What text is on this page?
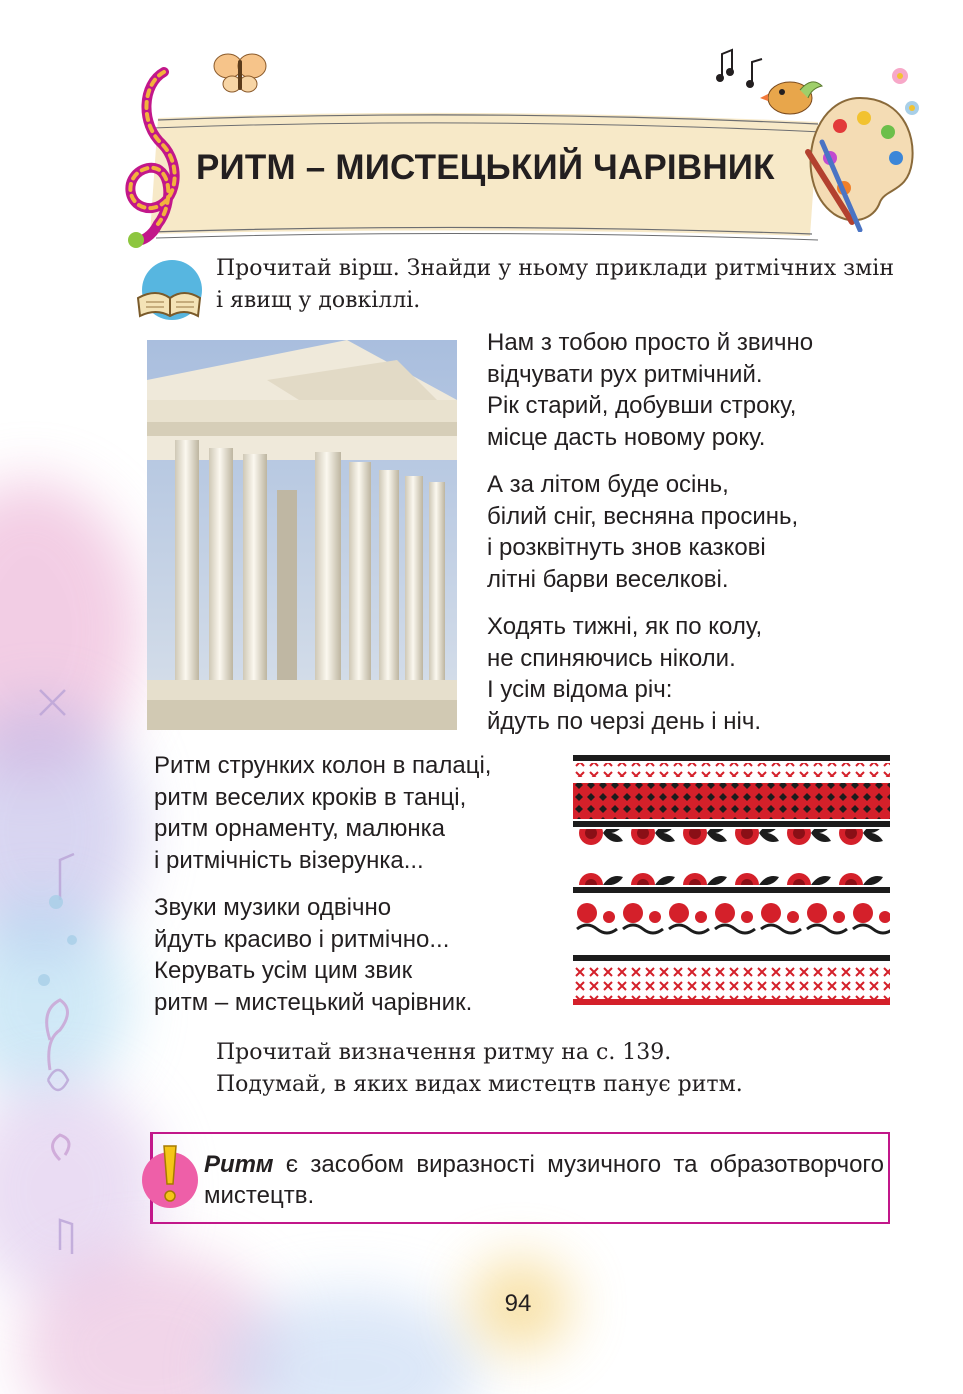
РИТМ – МИСТЕЦЬКИЙ ЧАРІВНИК
Прочитай вірш. Знайди у ньому приклади ритмічних змін і явищ у довкіллі.
Нам з тобою просто й звично
відчувати рух ритмічний.
Рік старий, добувши строку,
місце дасть новому року.
А за літом буде осінь,
білий сніг, весняна просинь,
і розквітнуть знов казкові
літні барви веселкові.
Ходять тижні, як по колу,
не спиняючись ніколи.
І усім відома річ:
йдуть по черзі день і ніч.
Ритм струнких колон в палаці,
ритм веселих кроків в танці,
ритм орнаменту, малюнка
і ритмічність візерунка...
Звуки музики одвічно
йдуть красиво і ритмічно...
Керувать усім цим звик
ритм – мистецький чарівник.
Прочитай визначення ритму на с. 139.
Подумай, в яких видах мистецтв панує ритм.
Ритм є засобом виразності музичного та образотворчого мистецтв.
94
